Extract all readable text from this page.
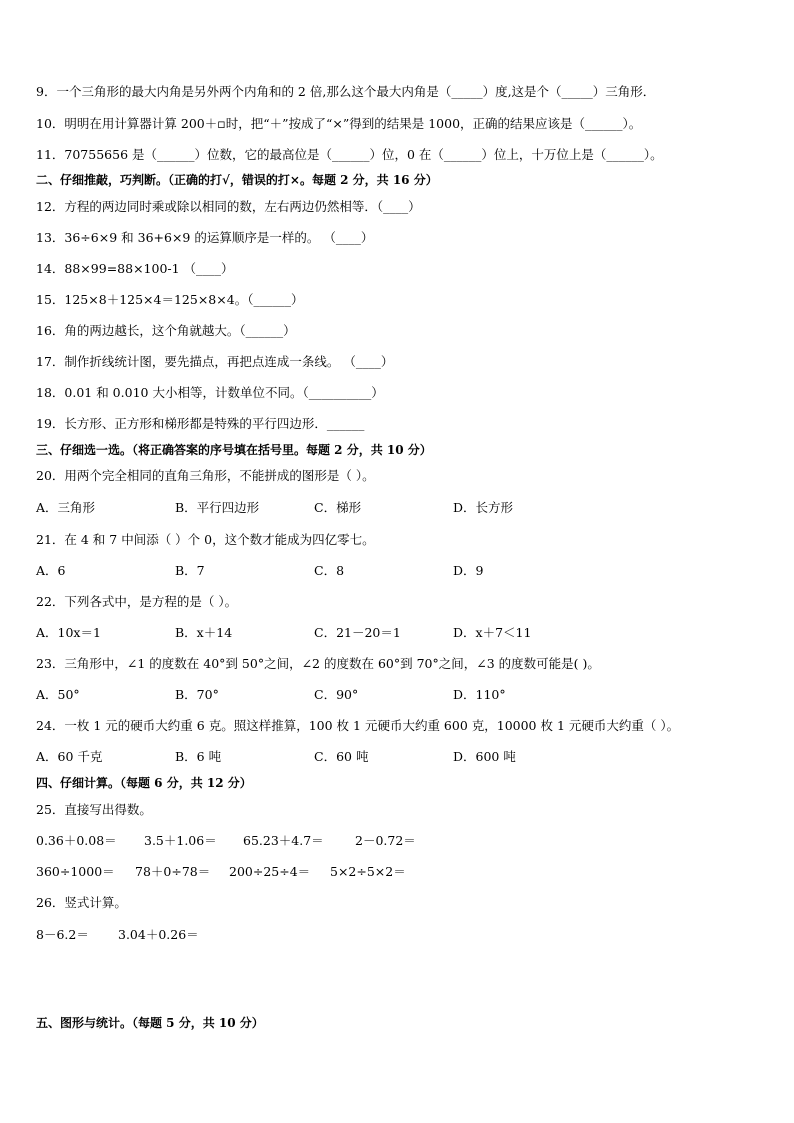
9．一个三角形的最大内角是另外两个内角和的 2 倍,那么这个最大内角是（_____）度,这是个（_____）三角形．
10．明明在用计算器计算 200＋▫时，把“＋”按成了“×”得到的结果是 1000，正确的结果应该是（______）。
11．70755656 是（______）位数，它的最高位是（______）位，0 在（______）位上，十万位上是（______）。
二、仔细推敲，巧判断。（正确的打√，错误的打×。每题 2 分，共 16 分）
12．方程的两边同时乘或除以相同的数，左右两边仍然相等．（____）
13．36÷6×9 和 36+6×9 的运算顺序是一样的。 （____）
14．88×99=88×100-1 （____）
15．125×8＋125×4＝125×8×4。（______）
16．角的两边越长，这个角就越大。（______）
17．制作折线统计图，要先描点，再把点连成一条线。 （____）
18．0.01 和 0.010 大小相等，计数单位不同。（__________）
19．长方形、正方形和梯形都是特殊的平行四边形．______
三、仔细选一选。（将正确答案的序号填在括号里。每题 2 分，共 10 分）
20．用两个完全相同的直角三角形，不能拼成的图形是（ ）。
A．三角形	B．平行四边形	C．梯形	D．长方形
21．在 4 和 7 中间添（ ）个 0，这个数才能成为四亿零七。
A．6	B．7	C．8	D．9
22．下列各式中，是方程的是（ ）。
A．10x＝1	B．x＋14	C．21－20＝1	D．x＋7＜11
23．三角形中，∠1 的度数在 40°到 50°之间，∠2 的度数在 60°到 70°之间，∠3 的度数可能是( )。
A．50°	B．70°	C．90°	D．110°
24．一枚 1 元的硬币大约重 6 克。照这样推算，100 枚 1 元硬币大约重 600 克，10000 枚 1 元硬币大约重（ ）。
A．60 千克	B．6 吨	C．60 吨	D．600 吨
四、仔细计算。（每题 6 分，共 12 分）
25．直接写出得数。
0.36＋0.08＝ 3.5＋1.06＝ 65.23＋4.7＝	2－0.72＝
360÷1000＝ 78＋0÷78＝ 200÷25÷4＝ 5×2÷5×2＝
26．竖式计算。
8－6.2＝ 3.04＋0.26＝
五、图形与统计。（每题 5 分，共 10 分）
